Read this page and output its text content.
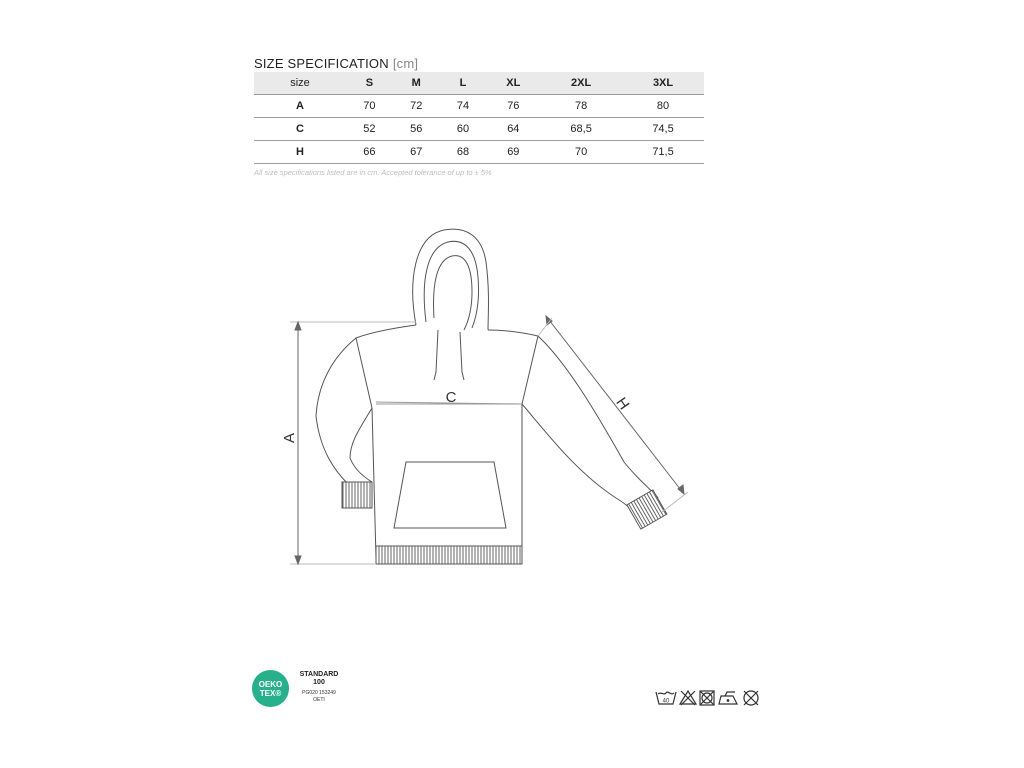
SIZE SPECIFICATION [cm]
size	S	M	L	XL	2XL	3XL
A	70	72	74	76	78	80
C	52	56	60	64	68,5	74,5
H	66	67	68	69	70	71,5
All size specifications listed are in cm. Accepted tolerance of up to ± 5%
A
C	H
OEKO
TEX®
STANDARD
100
PG020 153249
OETI	40
